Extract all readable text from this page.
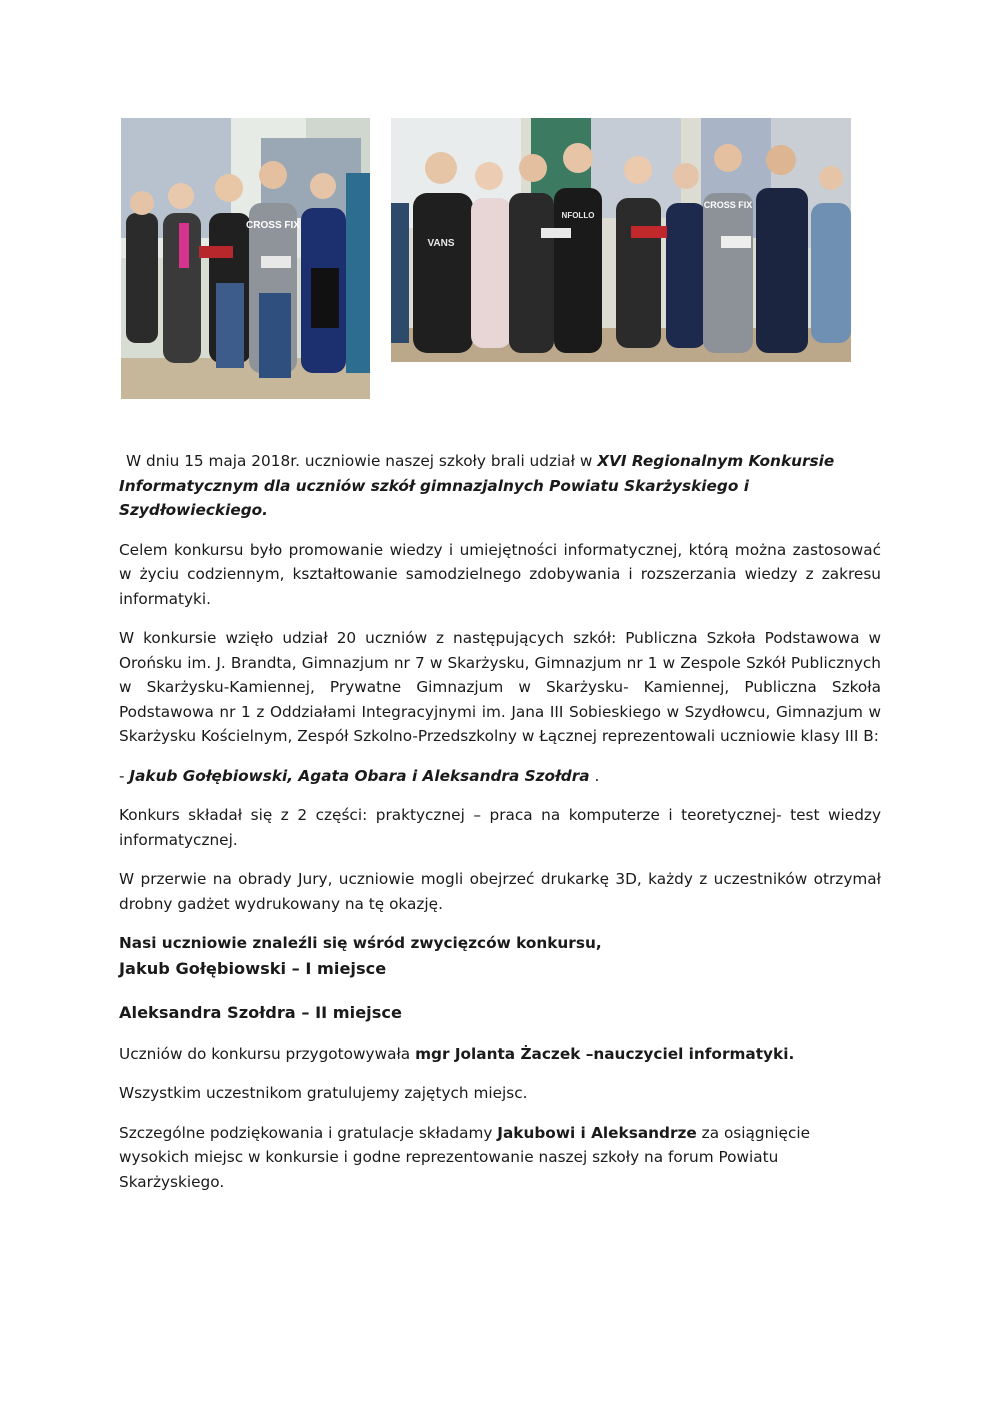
CROSS FIX
VANS
NFOLLO
CROSS FIX

W dniu 15 maja 2018r. uczniowie naszej szkoły brali udział w XVI Regionalnym Konkursie Informatycznym dla uczniów szkół gimnazjalnych Powiatu Skarżyskiego i Szydłowieckiego.

Celem konkursu było promowanie wiedzy i umiejętności informatycznej, którą można zastosować w życiu codziennym, kształtowanie samodzielnego zdobywania i rozszerzania wiedzy z zakresu informatyki.

W konkursie wzięło udział 20 uczniów z następujących szkół: Publiczna Szkoła Podstawowa w Orońsku im. J. Brandta, Gimnazjum nr 7 w Skarżysku, Gimnazjum nr 1 w Zespole Szkół Publicznych w Skarżysku-Kamiennej, Prywatne Gimnazjum w Skarżysku- Kamiennej, Publiczna Szkoła Podstawowa nr 1 z Oddziałami Integracyjnymi im. Jana III Sobieskiego w Szydłowcu, Gimnazjum w Skarżysku Kościelnym, Zespół Szkolno-Przedszkolny w Łącznej reprezentowali uczniowie klasy III B:

- Jakub Gołębiowski, Agata Obara i Aleksandra Szołdra .

Konkurs składał się z 2 części: praktycznej – praca na komputerze i teoretycznej- test wiedzy informatycznej.

W przerwie na obrady Jury, uczniowie mogli obejrzeć drukarkę 3D, każdy z uczestników otrzymał drobny gadżet wydrukowany na tę okazję.

Nasi uczniowie znaleźli się wśród zwycięzców konkursu,

Jakub Gołębiowski – I miejsce

Aleksandra Szołdra – II miejsce

Uczniów do konkursu przygotowywała mgr Jolanta Żaczek –nauczyciel informatyki.

Wszystkim uczestnikom gratulujemy zajętych miejsc.

Szczególne podziękowania i gratulacje składamy Jakubowi i Aleksandrze za osiągnięcie wysokich miejsc w konkursie i godne reprezentowanie naszej szkoły na forum Powiatu Skarżyskiego.
